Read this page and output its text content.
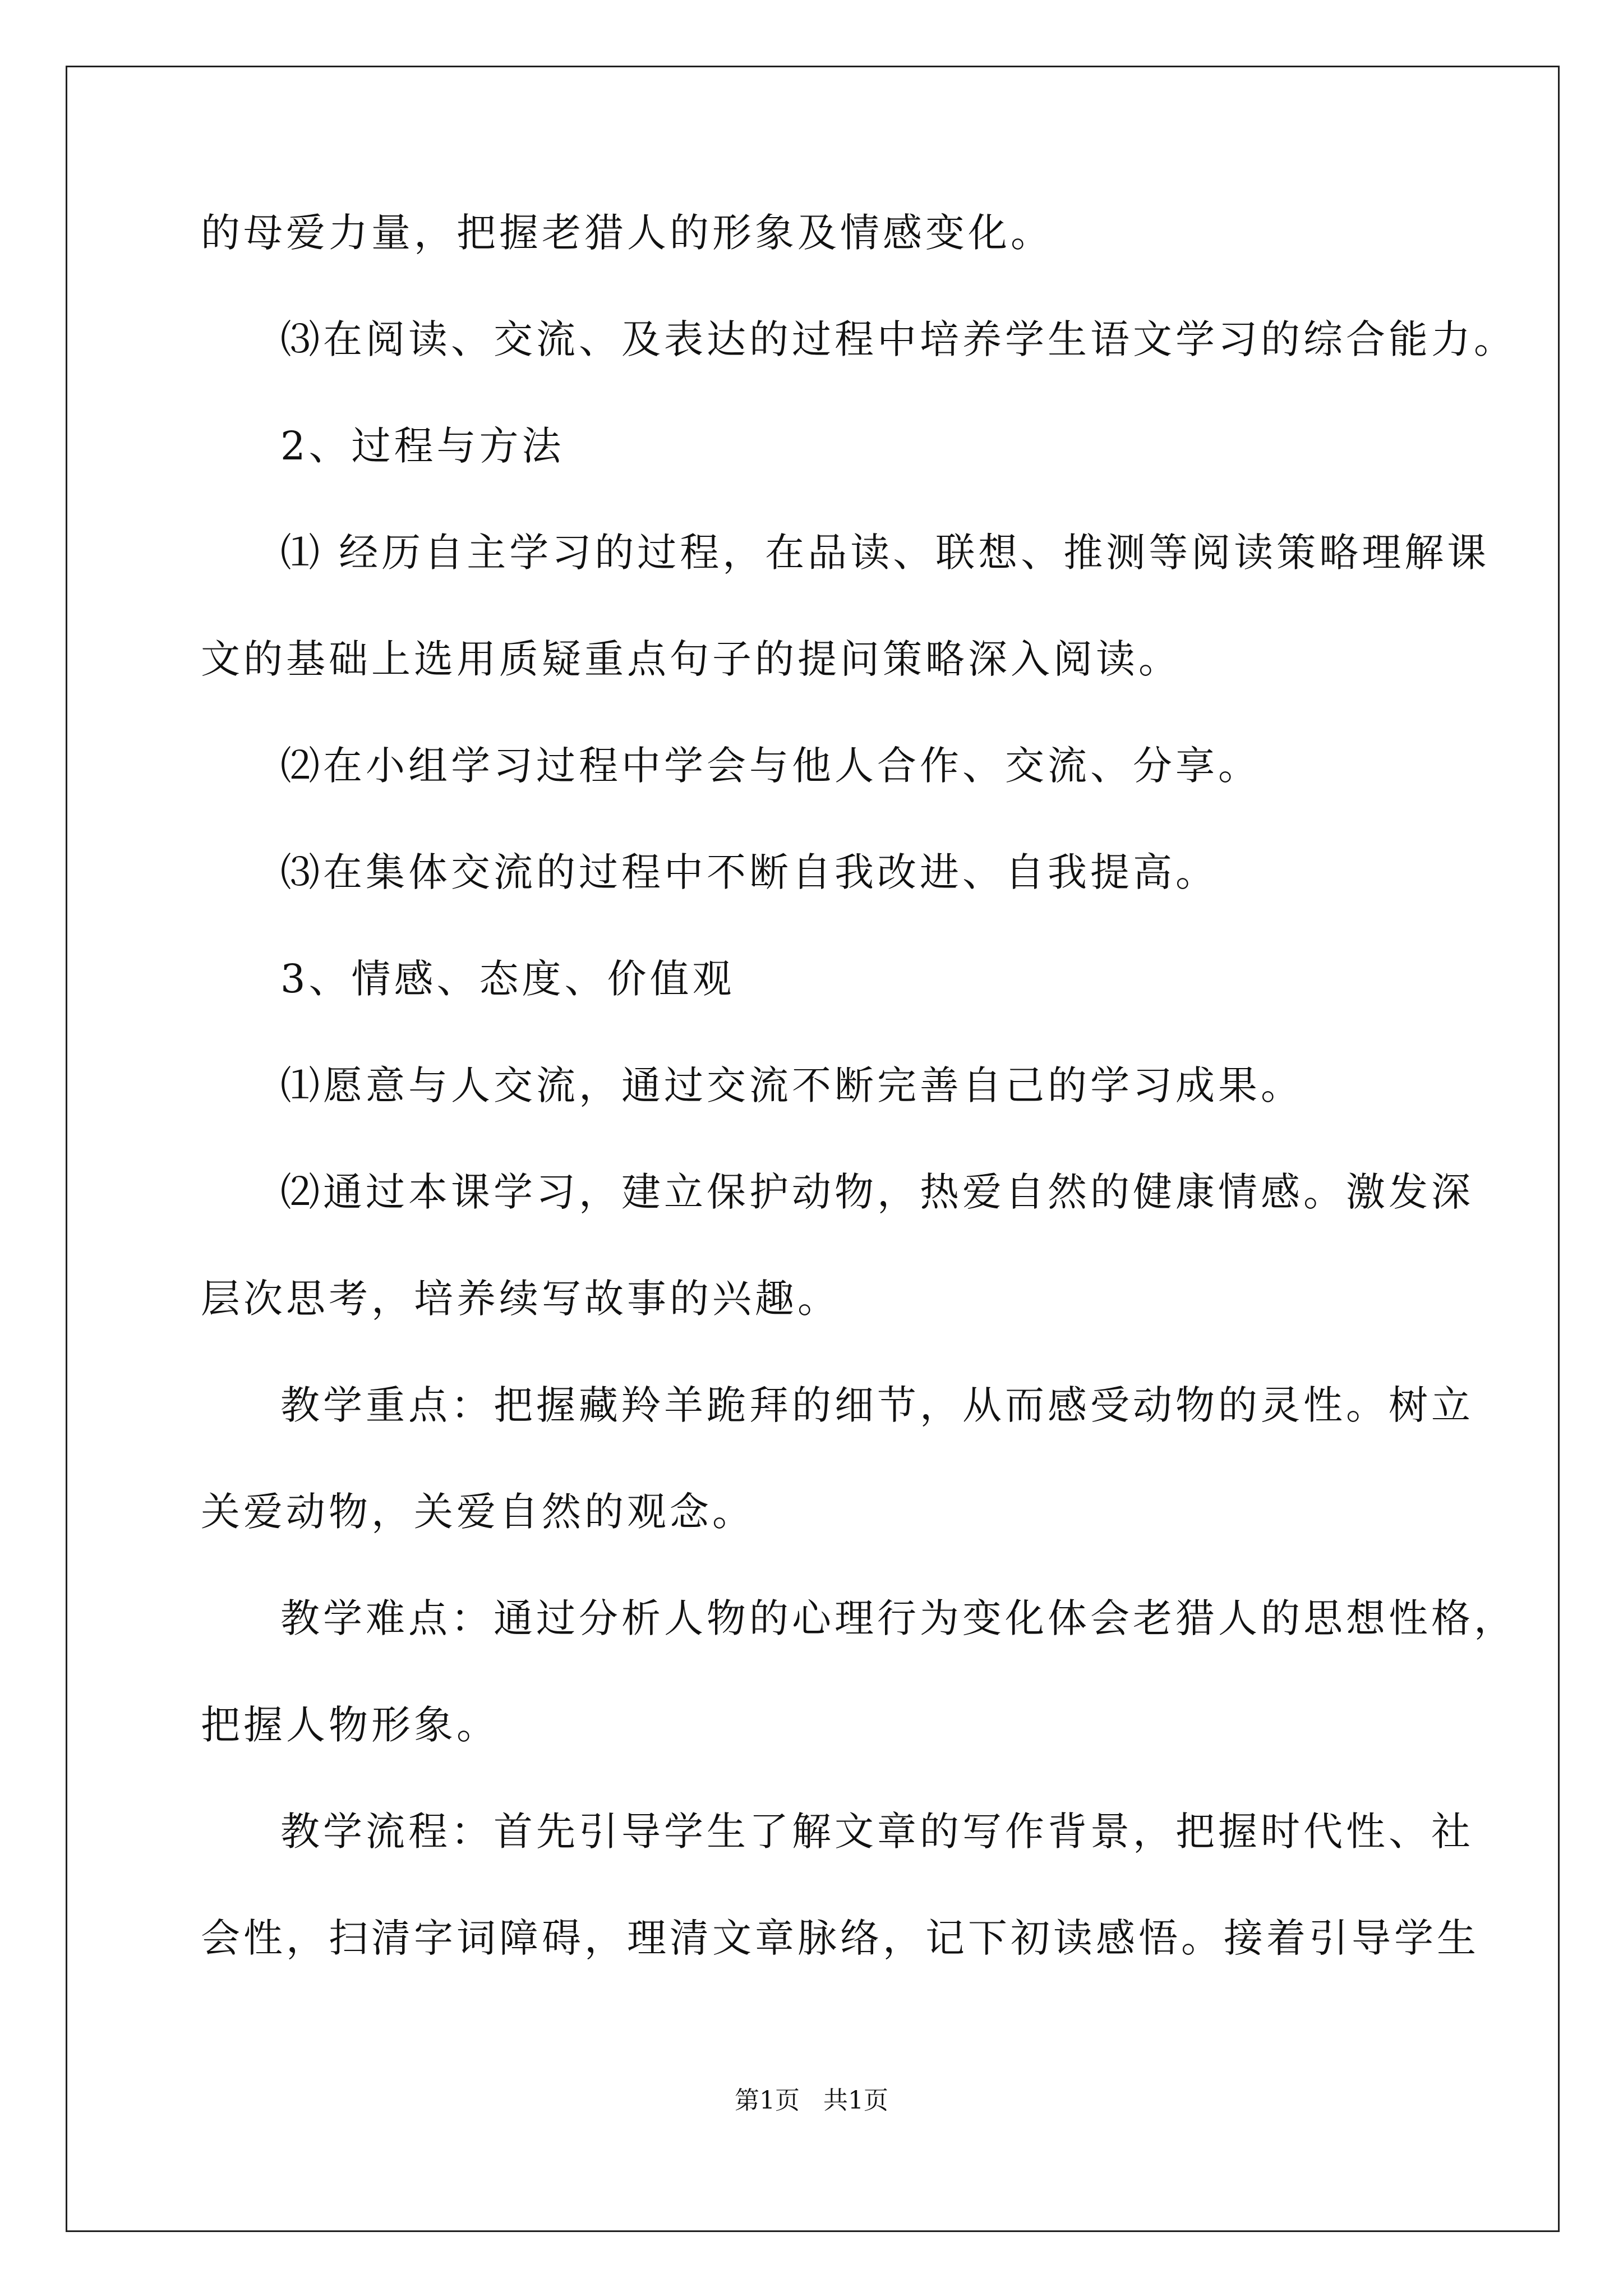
的母爱力量，把握老猎人的形象及情感变化。
⑶在阅读、交流、及表达的过程中培养学生语文学习的综合能力。
2、过程与方法
⑴ 经历自主学习的过程，在品读、联想、推测等阅读策略理解课
文的基础上选用质疑重点句子的提问策略深入阅读。
⑵在小组学习过程中学会与他人合作、交流、分享。
⑶在集体交流的过程中不断自我改进、自我提高。
3、情感、态度、价值观
⑴愿意与人交流，通过交流不断完善自己的学习成果。
⑵通过本课学习，建立保护动物，热爱自然的健康情感。激发深
层次思考，培养续写故事的兴趣。
教学重点：把握藏羚羊跪拜的细节，从而感受动物的灵性。树立
关爱动物，关爱自然的观念。
教学难点：通过分析人物的心理行为变化体会老猎人的思想性格，
把握人物形象。
教学流程：首先引导学生了解文章的写作背景，把握时代性、社
会性，扫清字词障碍，理清文章脉络，记下初读感悟。接着引导学生
第1页   共1页
